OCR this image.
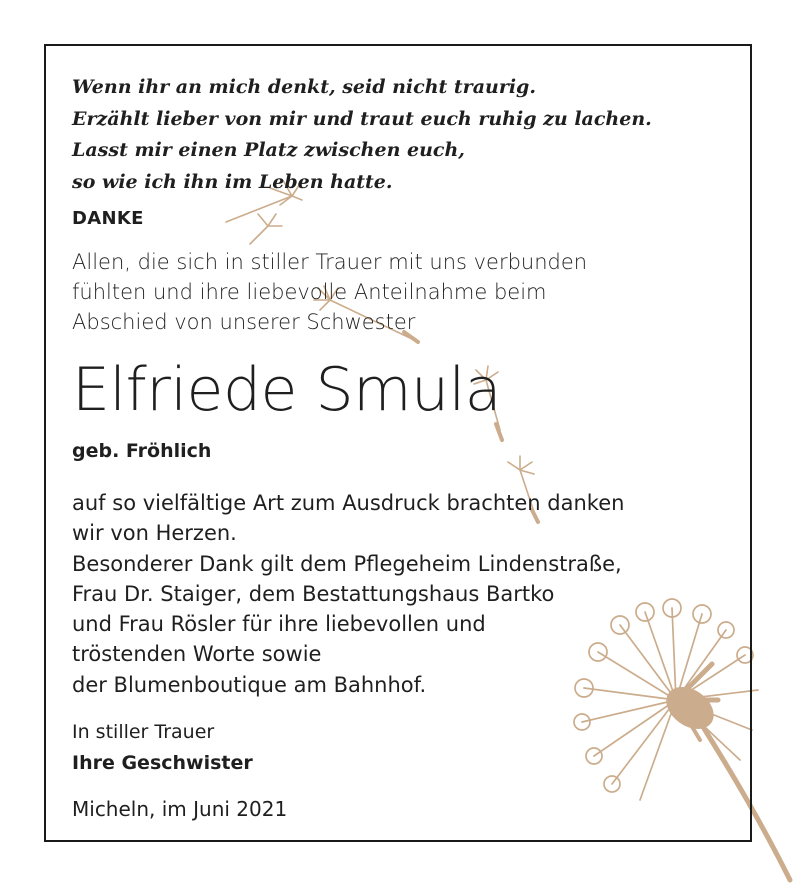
Wenn ihr an mich denkt, seid nicht traurig.
Erzählt lieber von mir und traut euch ruhig zu lachen.
Lasst mir einen Platz zwischen euch,
so wie ich ihn im Leben hatte.
DANKE
Allen, die sich in stiller Trauer mit uns verbunden
fühlten und ihre liebevolle Anteilnahme beim
Abschied von unserer Schwester
Elfriede Smula
geb. Fröhlich
auf so vielfältige Art zum Ausdruck brachten danken
wir von Herzen.
Besonderer Dank gilt dem Pflegeheim Lindenstraße,
Frau Dr. Staiger, dem Bestattungshaus Bartko
und Frau Rösler für ihre liebevollen und
tröstenden Worte sowie
der Blumenboutique am Bahnhof.
In stiller Trauer
Ihre Geschwister
Micheln, im Juni 2021
